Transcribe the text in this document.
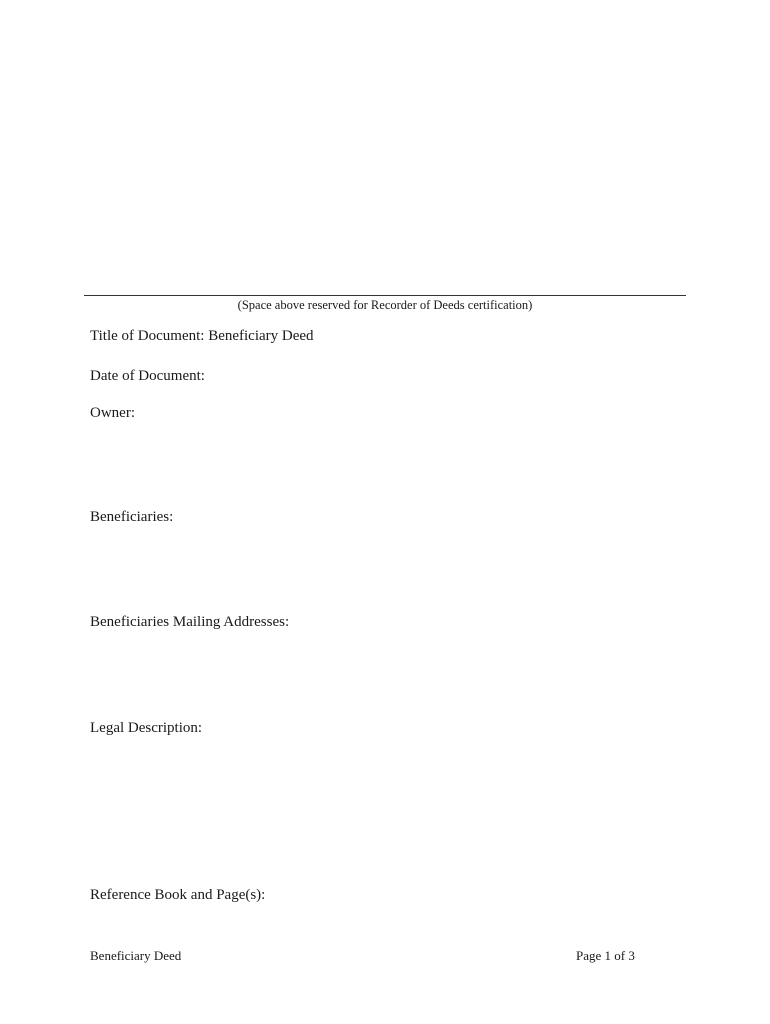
(Space above reserved for Recorder of Deeds certification)
Title of Document: Beneficiary Deed
Date of Document:
Owner:
Beneficiaries:
Beneficiaries Mailing Addresses:
Legal Description:
Reference Book and Page(s):
Beneficiary Deed	Page 1 of 3
